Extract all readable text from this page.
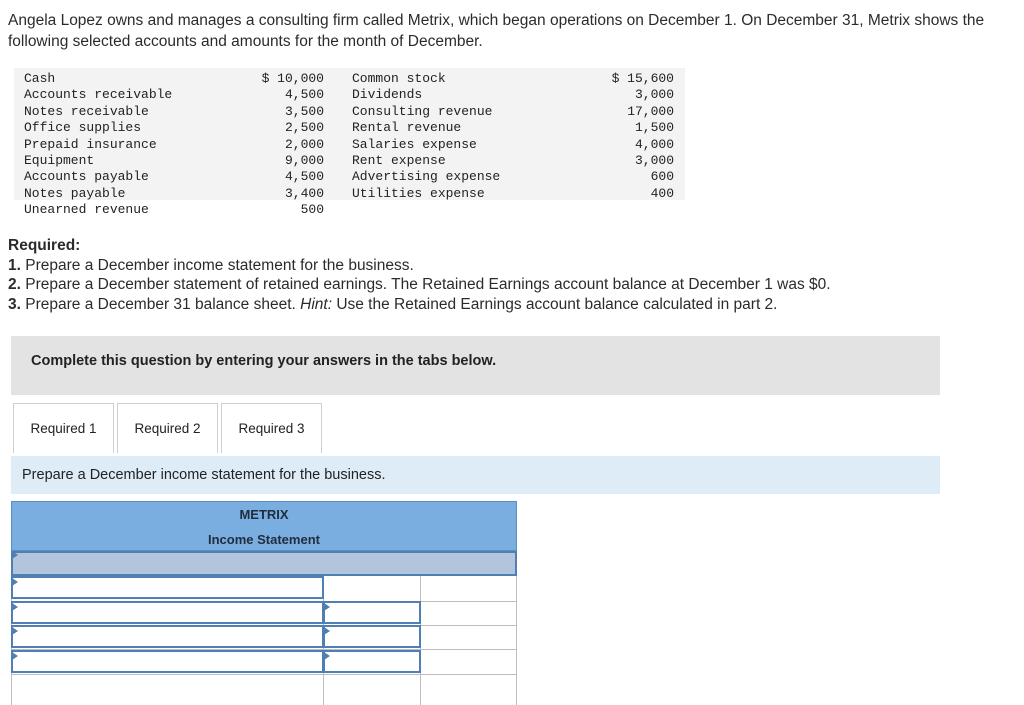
Angela Lopez owns and manages a consulting firm called Metrix, which began operations on December 1. On December 31, Metrix shows the following selected accounts and amounts for the month of December.
Cash
Accounts receivable
Notes receivable
Office supplies
Prepaid insurance
Equipment
Accounts payable
Notes payable
Unearned revenue
$ 10,000
4,500
3,500
2,500
2,000
9,000
4,500
3,400
500
Common stock
Dividends
Consulting revenue
Rental revenue
Salaries expense
Rent expense
Advertising expense
Utilities expense
$ 15,600
3,000
17,000
1,500
4,000
3,000
600
400
Required:
1. Prepare a December income statement for the business.
2. Prepare a December statement of retained earnings. The Retained Earnings account balance at December 1 was $0.
3. Prepare a December 31 balance sheet. Hint: Use the Retained Earnings account balance calculated in part 2.
Complete this question by entering your answers in the tabs below.
Required 1	Required 2	Required 3
Prepare a December income statement for the business.
METRIX
Income Statement
